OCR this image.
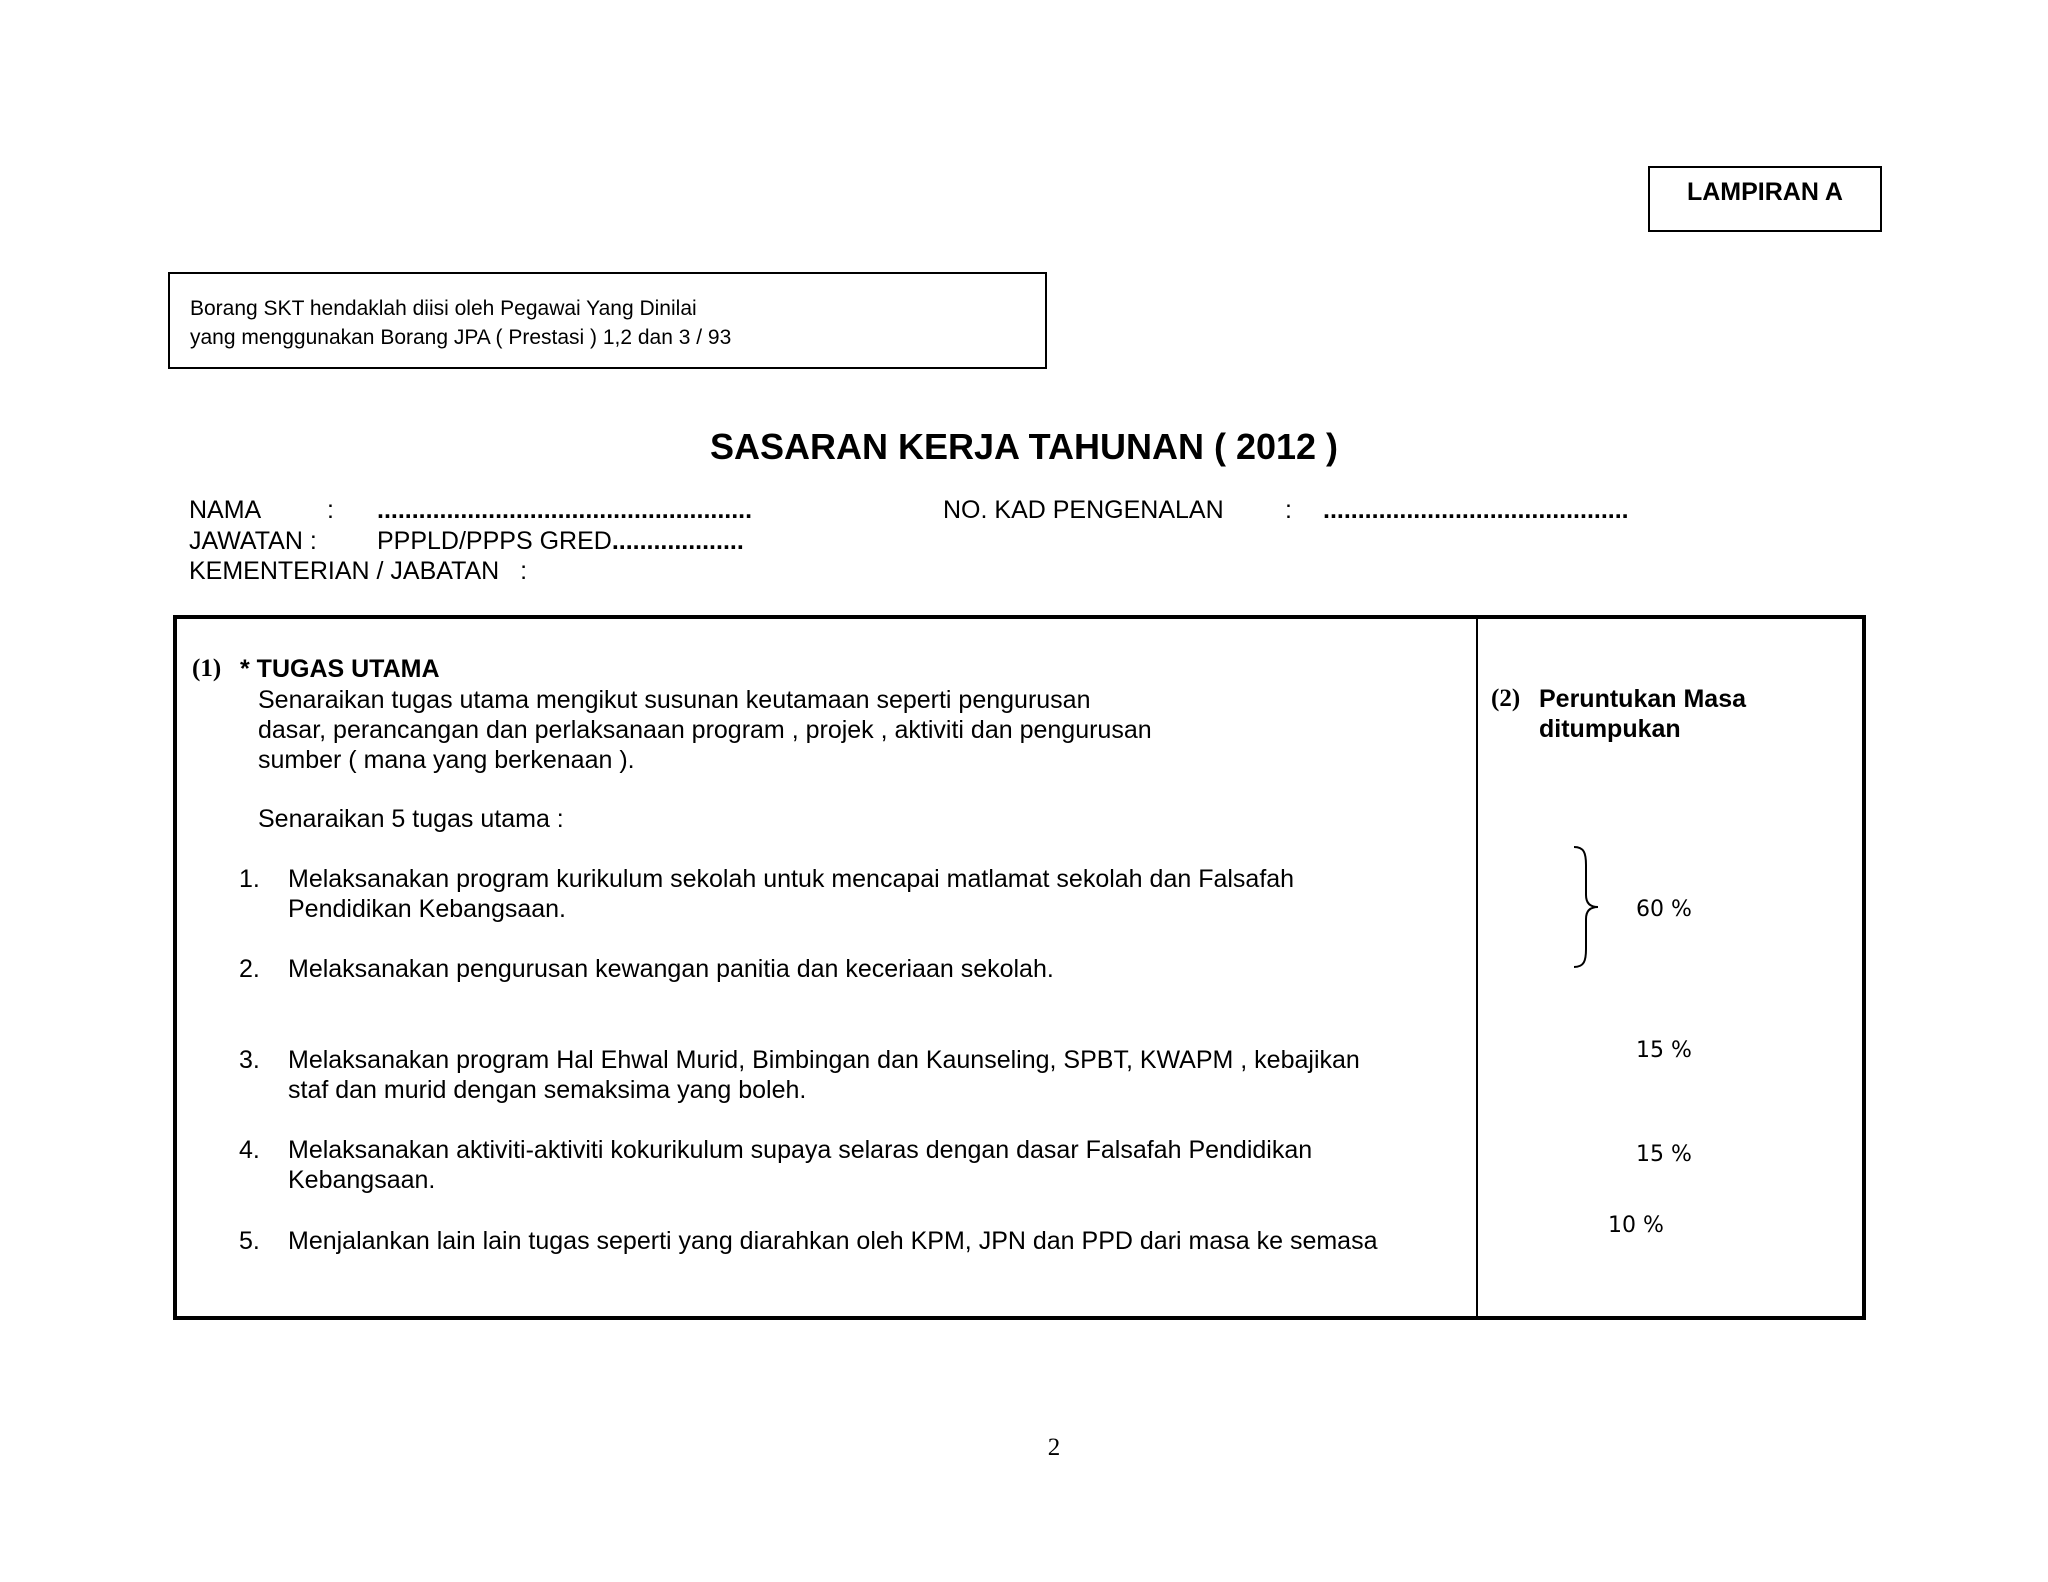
LAMPIRAN A
Borang SKT hendaklah diisi oleh Pegawai Yang Dinilai
yang menggunakan Borang JPA ( Prestasi ) 1,2 dan 3 / 93
SASARAN KERJA TAHUNAN ( 2012 )
NAMA	: ......................................................	NO. KAD PENGENALAN : ............................................
JAWATAN : PPPLD/PPPS GRED...................
KEMENTERIAN / JABATAN   :
(1) * TUGAS UTAMA
Senaraikan tugas utama mengikut susunan keutamaan seperti pengurusan
dasar, perancangan dan perlaksanaan program , projek , aktiviti dan pengurusan
sumber ( mana yang berkenaan ).
Senaraikan 5 tugas utama :
1. Melaksanakan program kurikulum sekolah untuk mencapai matlamat sekolah dan Falsafah
Pendidikan Kebangsaan.
2. Melaksanakan pengurusan kewangan panitia dan keceriaan sekolah.
3. Melaksanakan program Hal Ehwal Murid, Bimbingan dan Kaunseling, SPBT, KWAPM , kebajikan
staf dan murid dengan semaksima yang boleh.
4. Melaksanakan aktiviti-aktiviti kokurikulum supaya selaras dengan dasar Falsafah Pendidikan
Kebangsaan.
5. Menjalankan lain lain tugas seperti yang diarahkan oleh KPM, JPN dan PPD dari masa ke semasa
(2) Peruntukan Masa
ditumpukan
60 %
15 %
15 %
10 %
2
